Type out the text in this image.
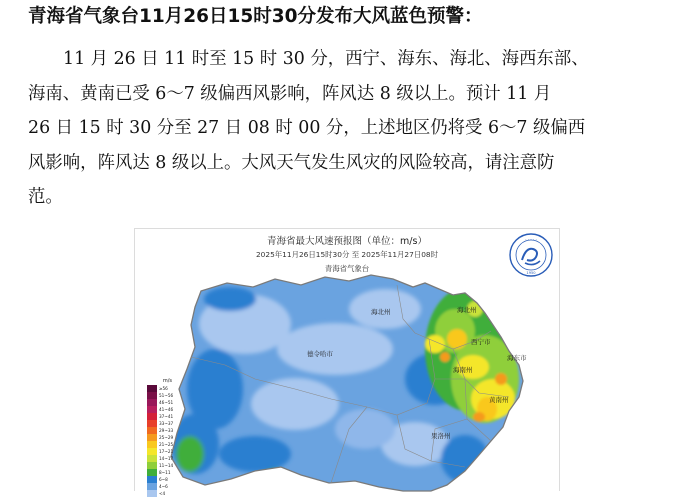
青海省气象台11月26日15时30分发布大风蓝色预警：
11 月 26 日 11 时至 15 时 30 分，西宁、海东、海北、海西东部、
海南、黄南已受 6～7 级偏西风影响，阵风达 8 级以上。预计 11 月
26 日 15 时 30 分至 27 日 08 时 00 分，上述地区仍将受 6～7 级偏西
风影响，阵风达 8 级以上。大风天气发生风灾的风险较高，请注意防
范。
青海省最大风速预报图（单位：m/s）
2025年11月26日15时30分 至 2025年11月27日08时
青海省气象台
· · · · ·
1950
m/s
≥56
51~56
46~51
41~46
37~41
33~37
29~33
25~29
21~25
17~21
14~17
11~14
8~11
6~8
4~6
<4
海北州	海北州
西宁市
海东市
海南州
黄南州
果洛州
德令哈市
